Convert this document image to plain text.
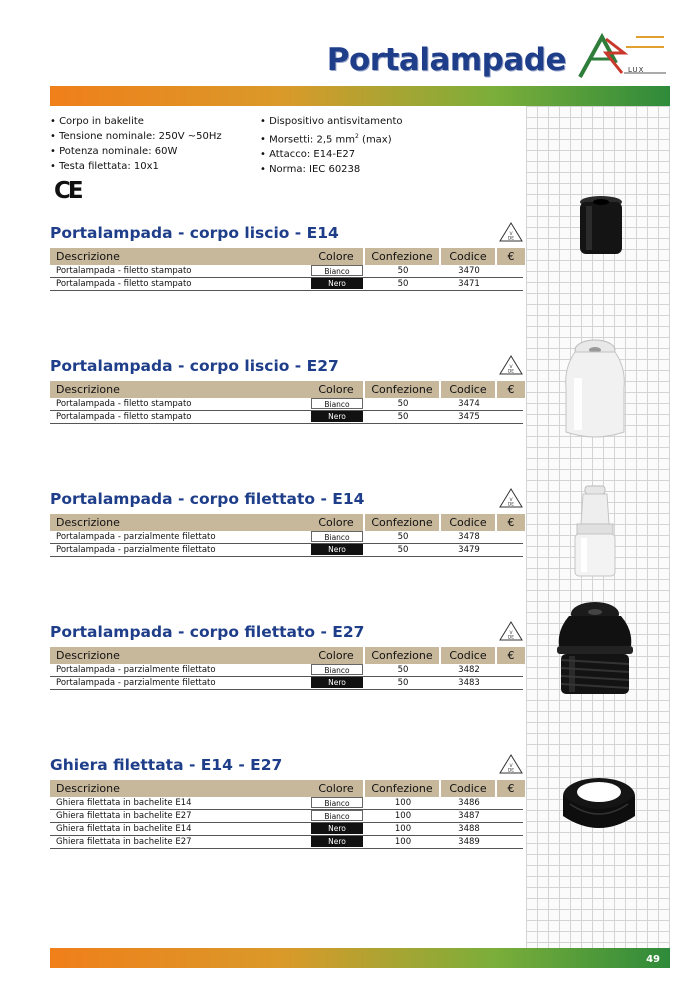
Portalampade	LUX
• Corpo in bakelite
• Tensione nominale: 250V ~50Hz
• Potenza nominale: 60W
• Testa filettata: 10x1
• Dispositivo antisvitamento
• Morsetti: 2,5 $mm^2$ (max)
• Attacco: E14-E27
• Norma: IEC 60238
CE
Portalampada - corpo liscio - E14	V
DE
Descrizione	Colore	Confezione	Codice	€
Portalampada - filetto stampato	Bianco	50	3470
Portalampada - filetto stampato	Nero	50	3471
Portalampada - corpo liscio - E27	V
DE
Descrizione	Colore	Confezione	Codice	€
Portalampada - filetto stampato	Bianco	50	3474
Portalampada - filetto stampato	Nero	50	3475
Portalampada - corpo filettato - E14	V
DE
Descrizione	Colore	Confezione	Codice	€
Portalampada - parzialmente filettato	Bianco	50	3478
Portalampada - parzialmente filettato	Nero	50	3479
Portalampada - corpo filettato - E27	V
DE
Descrizione	Colore	Confezione	Codice	€
Portalampada - parzialmente filettato	Bianco	50	3482
Portalampada - parzialmente filettato	Nero	50	3483
Ghiera filettata - E14 - E27	V
DE
Descrizione	Colore	Confezione	Codice	€
Ghiera filettata in bachelite E14	Bianco	100	3486
Ghiera filettata in bachelite E27	Bianco	100	3487
Ghiera filettata in bachelite E14	Nero	100	3488
Ghiera filettata in bachelite E27	Nero	100	3489
49
